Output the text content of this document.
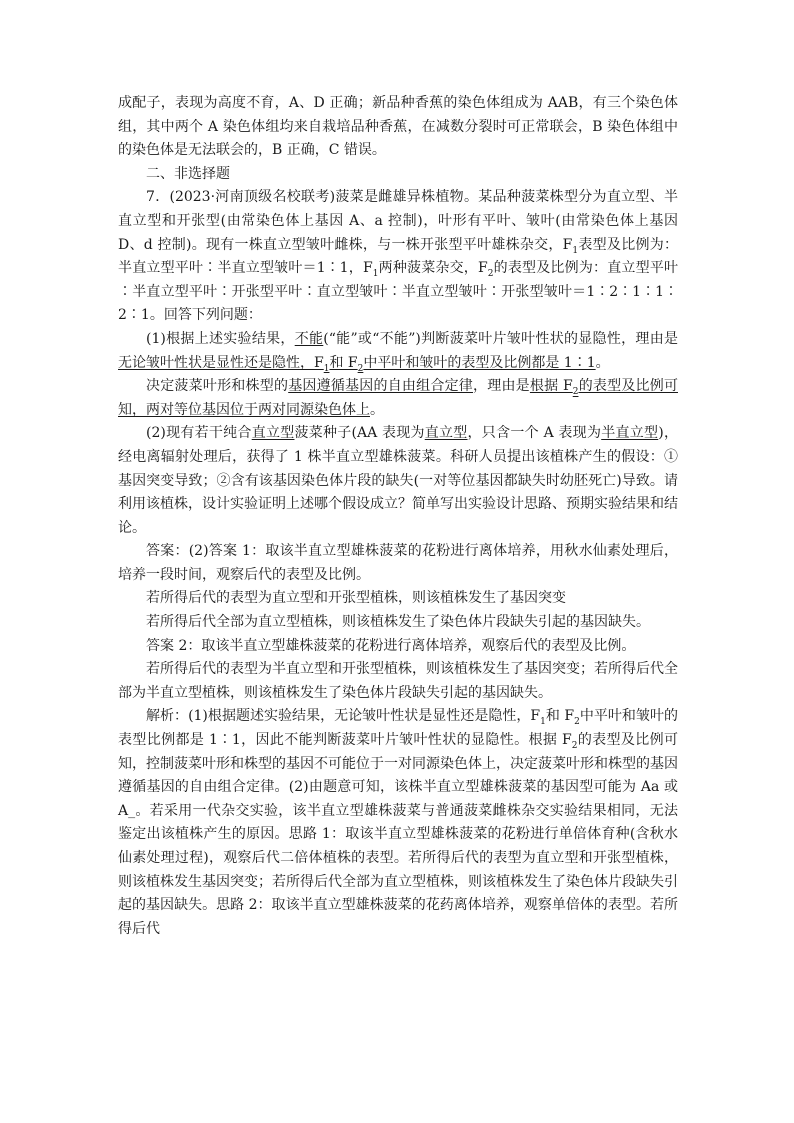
成配子，表现为高度不育，A、D 正确；新品种香蕉的染色体组成为 AAB，有三个染色体组，其中两个 A 染色体组均来自栽培品种香蕉，在减数分裂时可正常联会，B 染色体组中的染色体是无法联会的，B 正确，C 错误。

二、非选择题

7．(2023·河南顶级名校联考)菠菜是雌雄异株植物。某品种菠菜株型分为直立型、半直立型和开张型(由常染色体上基因 A、a 控制)，叶形有平叶、皱叶(由常染色体上基因 D、d 控制)。现有一株直立型皱叶雌株，与一株开张型平叶雄株杂交，$F_1$表型及比例为：半直立型平叶∶半直立型皱叶＝1∶1，$F_1$两种菠菜杂交，$F_2$的表型及比例为：直立型平叶∶半直立型平叶∶开张型平叶∶直立型皱叶∶半直立型皱叶∶开张型皱叶＝1∶2∶1∶1∶2∶1。回答下列问题：

(1)根据上述实验结果，不能(“能”或“不能”)判断菠菜叶片皱叶性状的显隐性，理由是无论皱叶性状是显性还是隐性，$F_1$和 $F_2$中平叶和皱叶的表型及比例都是 1∶1。

决定菠菜叶形和株型的基因遵循基因的自由组合定律，理由是根据 $F_2$的表型及比例可知，两对等位基因位于两对同源染色体上。

(2)现有若干纯合直立型菠菜种子(AA 表现为直立型，只含一个 A 表现为半直立型)，经电离辐射处理后，获得了 1 株半直立型雄株菠菜。科研人员提出该植株产生的假设：①基因突变导致；②含有该基因染色体片段的缺失(一对等位基因都缺失时幼胚死亡)导致。请利用该植株，设计实验证明上述哪个假设成立？简单写出实验设计思路、预期实验结果和结论。

答案：(2)答案 1：取该半直立型雄株菠菜的花粉进行离体培养，用秋水仙素处理后，培养一段时间，观察后代的表型及比例。

若所得后代的表型为直立型和开张型植株，则该植株发生了基因突变

若所得后代全部为直立型植株，则该植株发生了染色体片段缺失引起的基因缺失。

答案 2：取该半直立型雄株菠菜的花粉进行离体培养，观察后代的表型及比例。

若所得后代的表型为半直立型和开张型植株，则该植株发生了基因突变；若所得后代全部为半直立型植株，则该植株发生了染色体片段缺失引起的基因缺失。

解析：(1)根据题述实验结果，无论皱叶性状是显性还是隐性，$F_1$和 $F_2$中平叶和皱叶的表型比例都是 1∶1，因此不能判断菠菜叶片皱叶性状的显隐性。根据 $F_2$的表型及比例可知，控制菠菜叶形和株型的基因不可能位于一对同源染色体上，决定菠菜叶形和株型的基因遵循基因的自由组合定律。(2)由题意可知，该株半直立型雄株菠菜的基因型可能为 Aa 或 A_。若采用一代杂交实验，该半直立型雄株菠菜与普通菠菜雌株杂交实验结果相同，无法鉴定出该植株产生的原因。思路 1：取该半直立型雄株菠菜的花粉进行单倍体育种(含秋水仙素处理过程)，观察后代二倍体植株的表型。若所得后代的表型为直立型和开张型植株，则该植株发生基因突变；若所得后代全部为直立型植株，则该植株发生了染色体片段缺失引起的基因缺失。思路 2：取该半直立型雄株菠菜的花药离体培养，观察单倍体的表型。若所得后代
